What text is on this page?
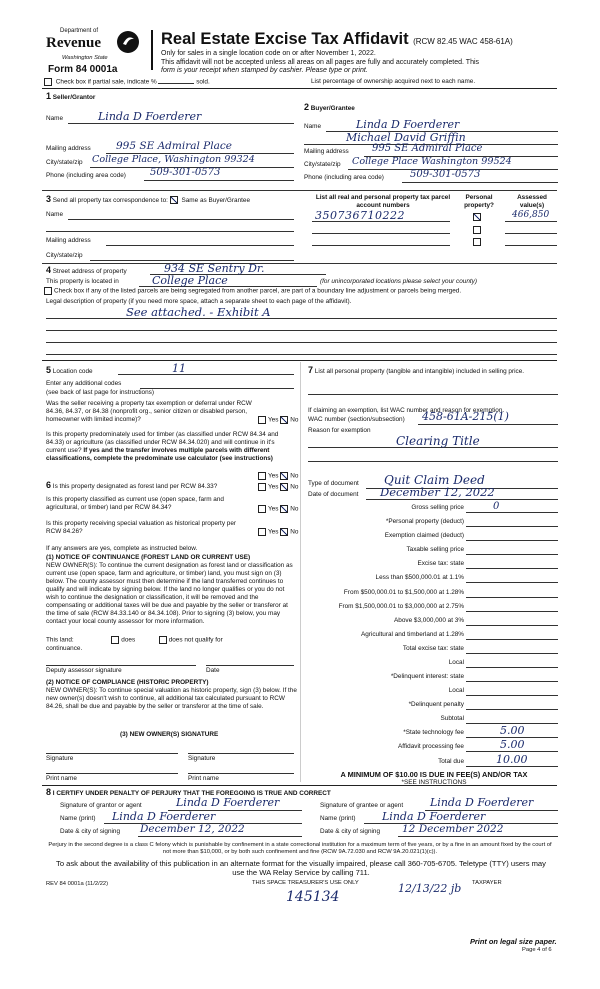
Department of
Revenue
Washington State
Form 84 0001a
Real Estate Excise Tax Affidavit (RCW 82.45 WAC 458-61A)
Only for sales in a single location code on or after November 1, 2022.
This affidavit will not be accepted unless all areas on all pages are fully and accurately completed. This
form is your receipt when stamped by cashier. Please type or print.
Check box if partial sale, indicate %	sold.	List percentage of ownership acquired next to each name.
1 Seller/Grantor
Name	Linda D Foerderer
Mailing address 995 SE Admiral Place
City/state/zip College Place, Washington 99324
Phone (including area code) 509-301-0573
2 Buyer/Grantee
Name	Linda D Foerderer
Michael David Griffin
Mailing address 995 SE Admiral Place
City/state/zip College Place Washington 99524
Phone (including area code)	509-301-0573
3 Send all property tax correspondence to: Same as Buyer/Grantee
Name
Mailing address
City/state/zip
List all real and personal property tax parcel account numbers
Personal property?
Assessed value(s)
350736710222	466,850
4 Street address of property	934 SE Sentry Dr.
This property is located in	College Place	(for unincorporated locations please select your county)
Check box if any of the listed parcels are being segregated from another parcel, are part of a boundary line adjustment or parcels being merged.
Legal description of property (if you need more space, attach a separate sheet to each page of the affidavit).
See attached. - Exhibit A
5 Location code	11
Enter any additional codes
(see back of last page for instructions)
Was the seller receiving a property tax exemption or deferral under RCW 84.36, 84.37, or 84.38 (nonprofit org., senior citizen or disabled person, homeowner with limited income)?	Yes No
Is this property predominately used for timber (as classified under RCW 84.34 and 84.33) or agriculture (as classified under RCW 84.34.020) and will continue in it's current use? If yes and the transfer involves multiple parcels with different classifications, complete the predominate use calculator (see instructions)
Yes No
6 Is this property designated as forest land per RCW 84.33?	Yes No
Is this property classified as current use (open space, farm and agricultural, or timber) land per RCW 84.34?	Yes No
Is this property receiving special valuation as historical property per RCW 84.26?	Yes No
If any answers are yes, complete as instructed below.
(1) NOTICE OF CONTINUANCE (FOREST LAND OR CURRENT USE)
NEW OWNER(S): To continue the current designation as forest land or classification as current use (open space, farm and agriculture, or timber) land, you must sign on (3) below. The county assessor must then determine if the land transferred continues to qualify and will indicate by signing below. If the land no longer qualifies or you do not wish to continue the designation or classification, it will be removed and the compensating or additional taxes will be due and payable by the seller or transferor at the time of sale (RCW 84.33.140 or 84.34.108). Prior to signing (3) below, you may contact your local county assessor for more information.
This land:	does	does not qualify for
continuance.
Deputy assessor signature	Date
(2) NOTICE OF COMPLIANCE (HISTORIC PROPERTY)
NEW OWNER(S): To continue special valuation as historic property, sign (3) below. If the new owner(s) doesn't wish to continue, all additional tax calculated pursuant to RCW 84.26, shall be due and payable by the seller or transferor at the time of sale.
(3) NEW OWNER(S) SIGNATURE
Signature	Signature
Print name	Print name
7 List all personal property (tangible and intangible) included in selling price.
If claiming an exemption, list WAC number and reason for exemption.
WAC number (section/subsection) 458-61A-215(1)
Reason for exemption
Clearing Title
Type of document Quit Claim Deed
Date of document December 12, 2022
Gross selling price	0
*Personal property (deduct)
Exemption claimed (deduct)
Taxable selling price
Excise tax: state
Less than $500,000.01 at 1.1%
From $500,000.01 to $1,500,000 at 1.28%
From $1,500,000.01 to $3,000,000 at 2.75%
Above $3,000,000 at 3%
Agricultural and timberland at 1.28%
Total excise tax: state
Local
*Delinquent interest: state
Local
*Delinquent penalty
Subtotal
*State technology fee	5.00
Affidavit processing fee	5.00
Total due	10.00
A MINIMUM OF $10.00 IS DUE IN FEE(S) AND/OR TAX
*SEE INSTRUCTIONS
8 I CERTIFY UNDER PENALTY OF PERJURY THAT THE FOREGOING IS TRUE AND CORRECT
Signature of grantor or agent	Linda D Foerderer
Name (print) Linda D Foerderer
Date & city of signing December 12, 2022
Signature of grantee or agent Linda D Foerderer
Name (print) Linda D Foerderer
Date & city of signing 12 December 2022
Perjury in the second degree is a class C felony which is punishable by confinement in a state correctional institution for a maximum term of five years, or by a fine in an amount fixed by the court of not more than $10,000, or by both such confinement and fine (RCW 9A.72.030 and RCW 9A.20.021(1)(c)).
To ask about the availability of this publication in an alternate format for the visually impaired, please call 360-705-6705. Teletype (TTY) users may use the WA Relay Service by calling 711.
REV 84 0001a (11/2/22)	THIS SPACE TREASURER'S USE ONLY	TAXPAYER
145134
12/13/22 jb
Print on legal size paper.
Page 4 of 6
